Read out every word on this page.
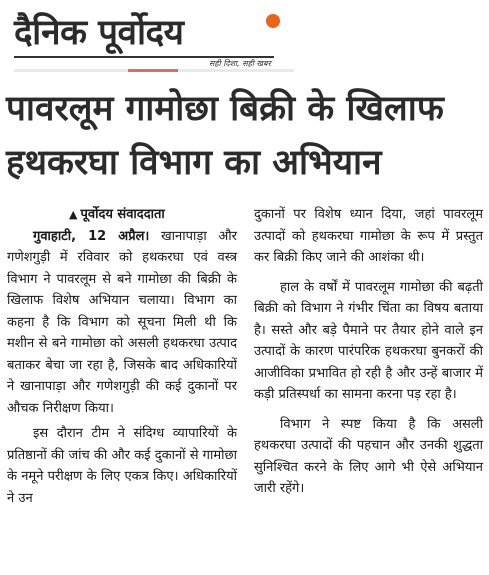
दैनिक पूर्वोदय
सही दिशा, सही खबर
पावरलूम गामोछा बिक्री के खिलाफ
हथकरघा विभाग का अभियान
▲ पूर्वोदय संवाददाता

गुवाहाटी, 12 अप्रैल। खानापाड़ा और गणेशगुड़ी में रविवार को हथकरघा एवं वस्त्र विभाग ने पावरलूम से बने गामोछा की बिक्री के खिलाफ विशेष अभियान चलाया। विभाग का कहना है कि विभाग को सूचना मिली थी कि मशीन से बने गामोछा को असली हथकरघा उत्पाद बताकर बेचा जा रहा है, जिसके बाद अधिकारियों ने खानापाड़ा और गणेशगुड़ी की कई दुकानों पर औचक निरीक्षण किया।

इस दौरान टीम ने संदिग्ध व्यापारियों के प्रतिष्ठानों की जांच की और कई दुकानों से गामोछा के नमूने परीक्षण के लिए एकत्र किए। अधिकारियों ने उन

दुकानों पर विशेष ध्यान दिया, जहां पावरलूम उत्पादों को हथकरघा गामोछा के रूप में प्रस्तुत कर बिक्री किए जाने की आशंका थी।

हाल के वर्षों में पावरलूम गामोछा की बढ़ती बिक्री को विभाग ने गंभीर चिंता का विषय बताया है। सस्ते और बड़े पैमाने पर तैयार होने वाले इन उत्पादों के कारण पारंपरिक हथकरघा बुनकरों की आजीविका प्रभावित हो रही है और उन्हें बाजार में कड़ी प्रतिस्पर्धा का सामना करना पड़ रहा है।

विभाग ने स्पष्ट किया है कि असली हथकरघा उत्पादों की पहचान और उनकी शुद्धता सुनिश्चित करने के लिए आगे भी ऐसे अभियान जारी रहेंगे।
